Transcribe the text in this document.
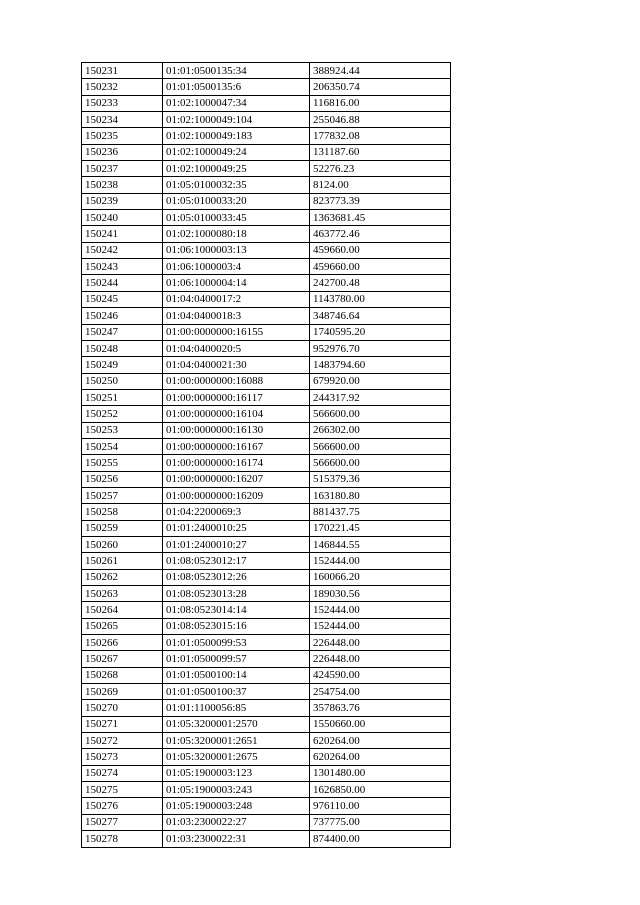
150231	01:01:0500135:34	388924.44
150232	01:01:0500135:6	206350.74
150233	01:02:1000047:34	116816.00
150234	01:02:1000049:104	255046.88
150235	01:02:1000049:183	177832.08
150236	01:02:1000049:24	131187.60
150237	01:02:1000049:25	52276.23
150238	01:05:0100032:35	8124.00
150239	01:05:0100033:20	823773.39
150240	01:05:0100033:45	1363681.45
150241	01:02:1000080:18	463772.46
150242	01:06:1000003:13	459660.00
150243	01:06:1000003:4	459660.00
150244	01:06:1000004:14	242700.48
150245	01:04:0400017:2	1143780.00
150246	01:04:0400018:3	348746.64
150247	01:00:0000000:16155	1740595.20
150248	01:04:0400020:5	952976.70
150249	01:04:0400021:30	1483794.60
150250	01:00:0000000:16088	679920.00
150251	01:00:0000000:16117	244317.92
150252	01:00:0000000:16104	566600.00
150253	01:00:0000000:16130	266302.00
150254	01:00:0000000:16167	566600.00
150255	01:00:0000000:16174	566600.00
150256	01:00:0000000:16207	515379.36
150257	01:00:0000000:16209	163180.80
150258	01:04:2200069:3	881437.75
150259	01:01:2400010:25	170221.45
150260	01:01:2400010:27	146844.55
150261	01:08:0523012:17	152444.00
150262	01:08:0523012:26	160066.20
150263	01:08:0523013:28	189030.56
150264	01:08:0523014:14	152444.00
150265	01:08:0523015:16	152444.00
150266	01:01:0500099:53	226448.00
150267	01:01:0500099:57	226448.00
150268	01:01:0500100:14	424590.00
150269	01:01:0500100:37	254754.00
150270	01:01:1100056:85	357863.76
150271	01:05:3200001:2570	1550660.00
150272	01:05:3200001:2651	620264.00
150273	01:05:3200001:2675	620264.00
150274	01:05:1900003:123	1301480.00
150275	01:05:1900003:243	1626850.00
150276	01:05:1900003:248	976110.00
150277	01:03:2300022:27	737775.00
150278	01:03:2300022:31	874400.00
